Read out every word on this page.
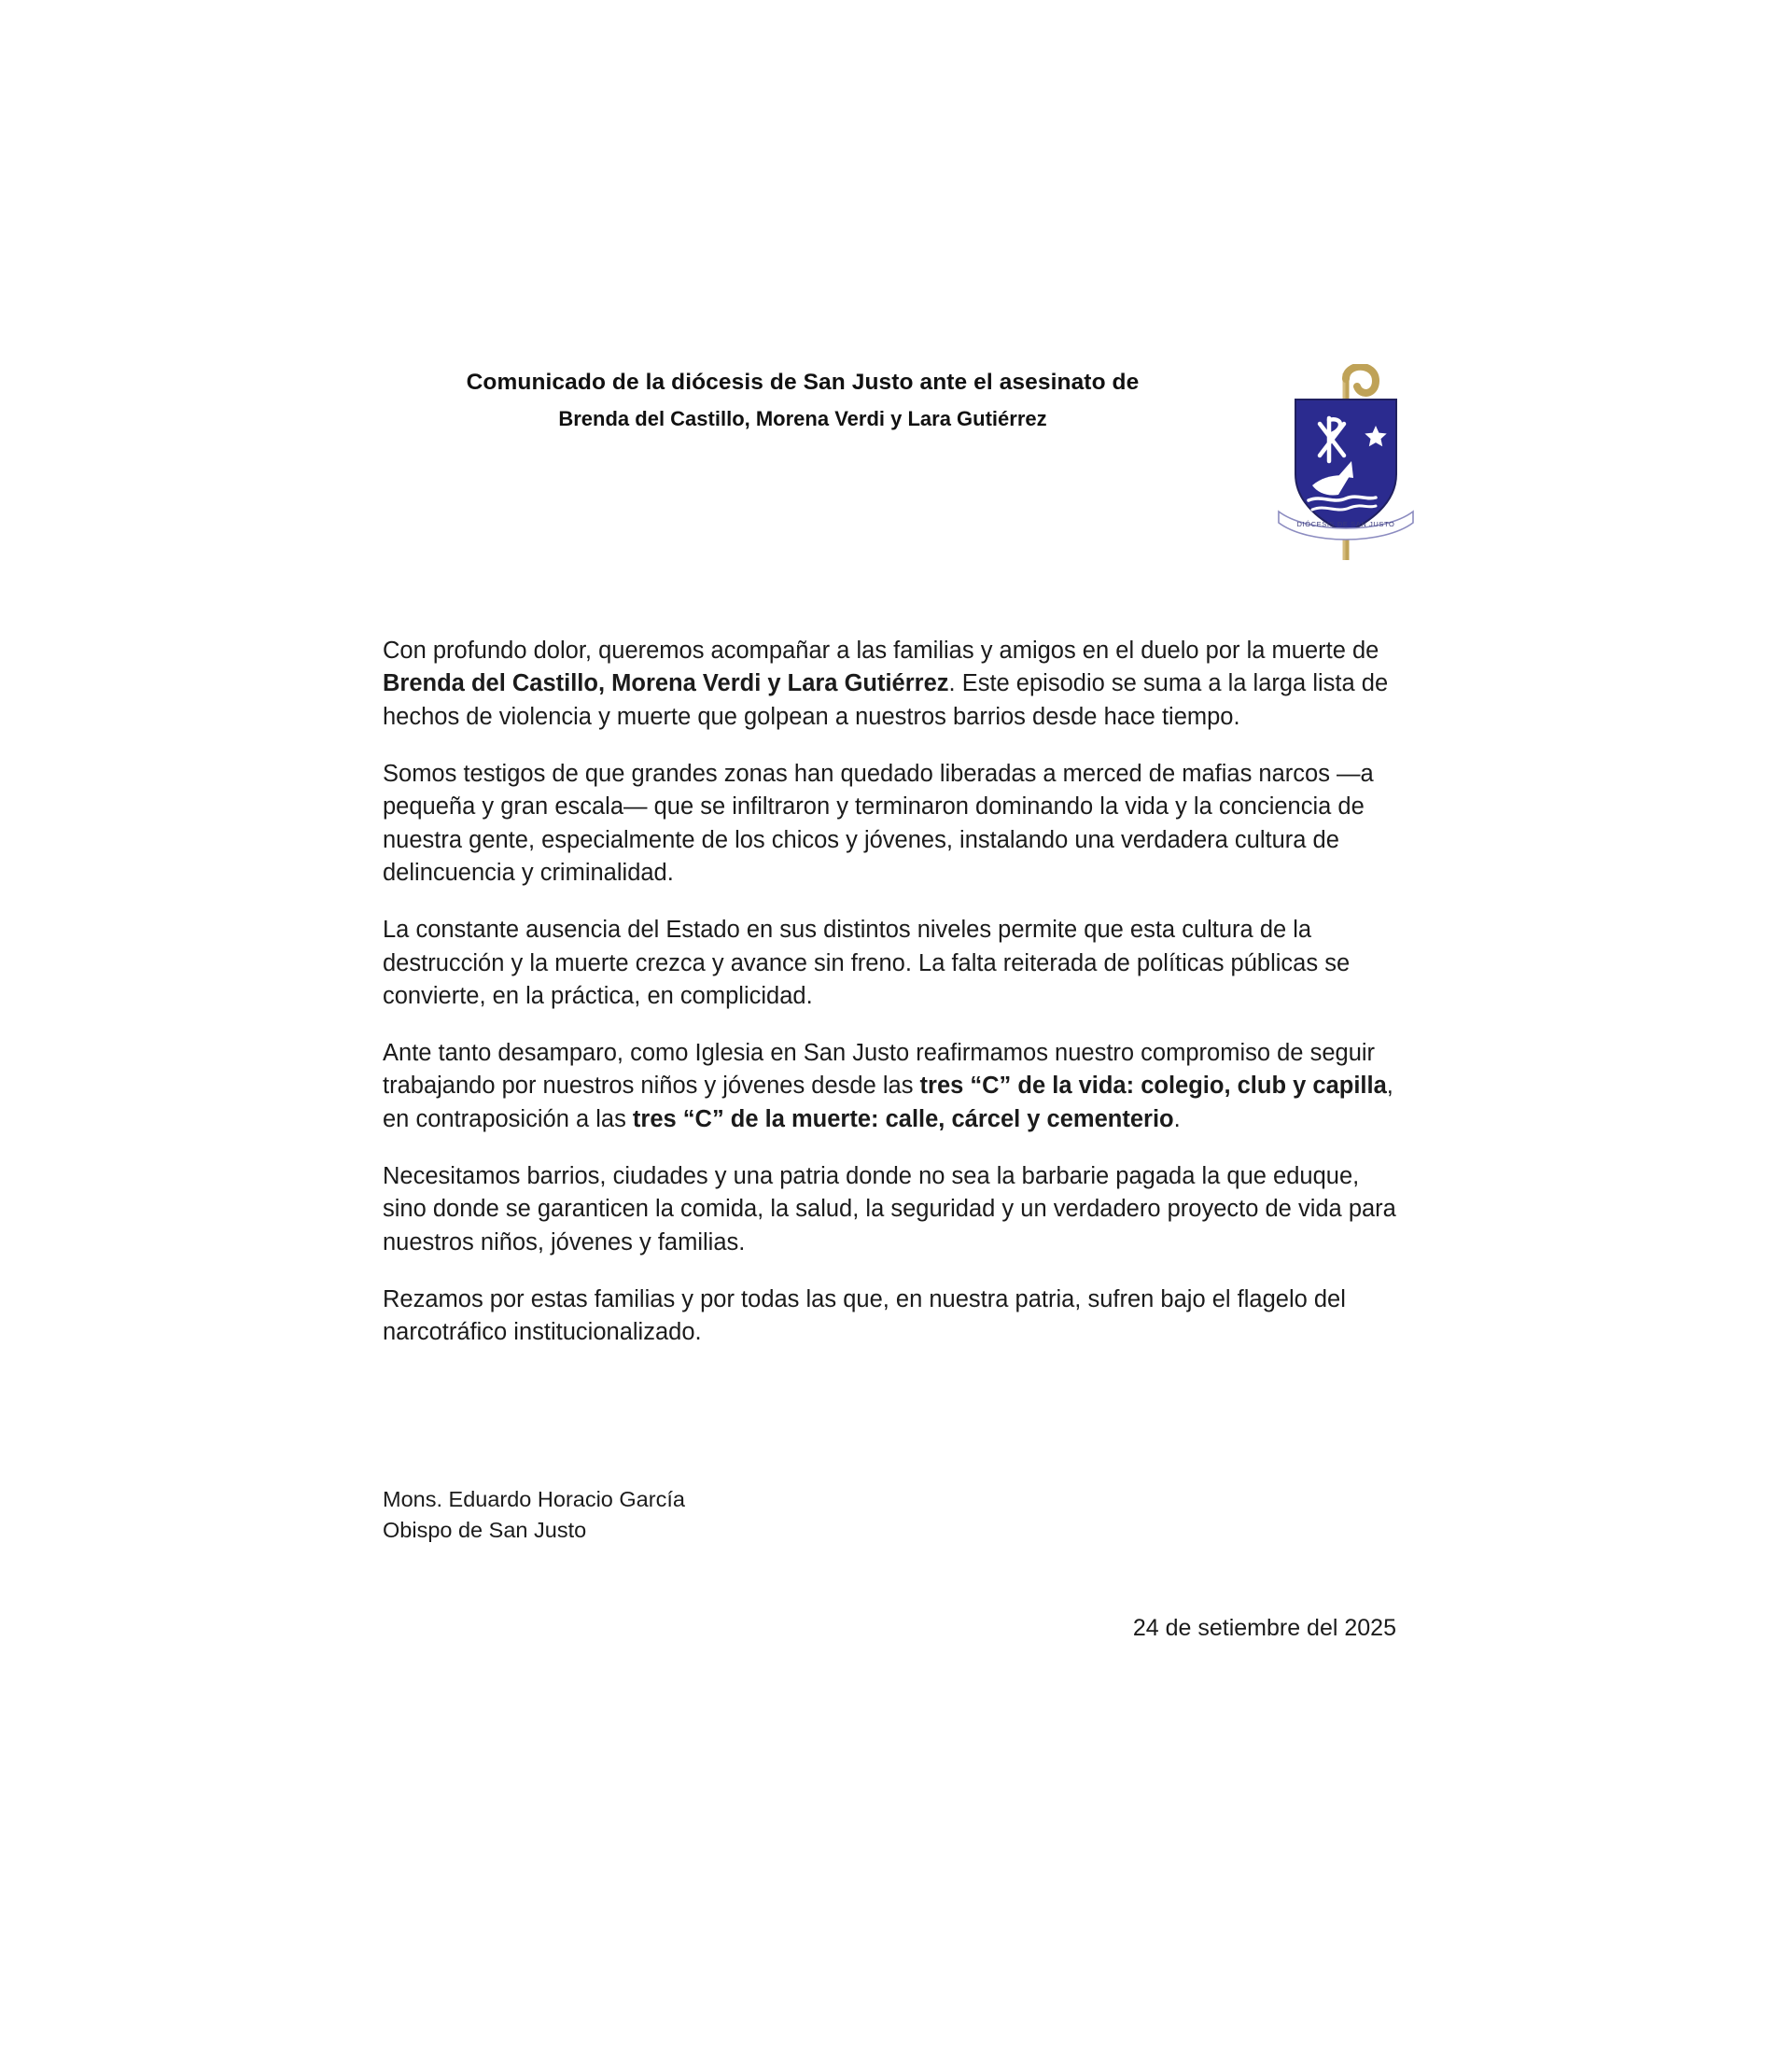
Comunicado de la diócesis de San Justo ante el asesinato de
Brenda del Castillo, Morena Verdi y Lara Gutiérrez
DIÓCESIS DE SAN JUSTO

Con profundo dolor, queremos acompañar a las familias y amigos en el duelo por la muerte de Brenda del Castillo, Morena Verdi y Lara Gutiérrez. Este episodio se suma a la larga lista de hechos de violencia y muerte que golpean a nuestros barrios desde hace tiempo.

Somos testigos de que grandes zonas han quedado liberadas a merced de mafias narcos —a pequeña y gran escala— que se infiltraron y terminaron dominando la vida y la conciencia de nuestra gente, especialmente de los chicos y jóvenes, instalando una verdadera cultura de delincuencia y criminalidad.

La constante ausencia del Estado en sus distintos niveles permite que esta cultura de la destrucción y la muerte crezca y avance sin freno. La falta reiterada de políticas públicas se convierte, en la práctica, en complicidad.

Ante tanto desamparo, como Iglesia en San Justo reafirmamos nuestro compromiso de seguir trabajando por nuestros niños y jóvenes desde las tres “C” de la vida: colegio, club y capilla, en contraposición a las tres “C” de la muerte: calle, cárcel y cementerio.

Necesitamos barrios, ciudades y una patria donde no sea la barbarie pagada la que eduque, sino donde se garanticen la comida, la salud, la seguridad y un verdadero proyecto de vida para nuestros niños, jóvenes y familias.

Rezamos por estas familias y por todas las que, en nuestra patria, sufren bajo el flagelo del narcotráfico institucionalizado.

Mons. Eduardo Horacio García
Obispo de San Justo
24 de setiembre del 2025
